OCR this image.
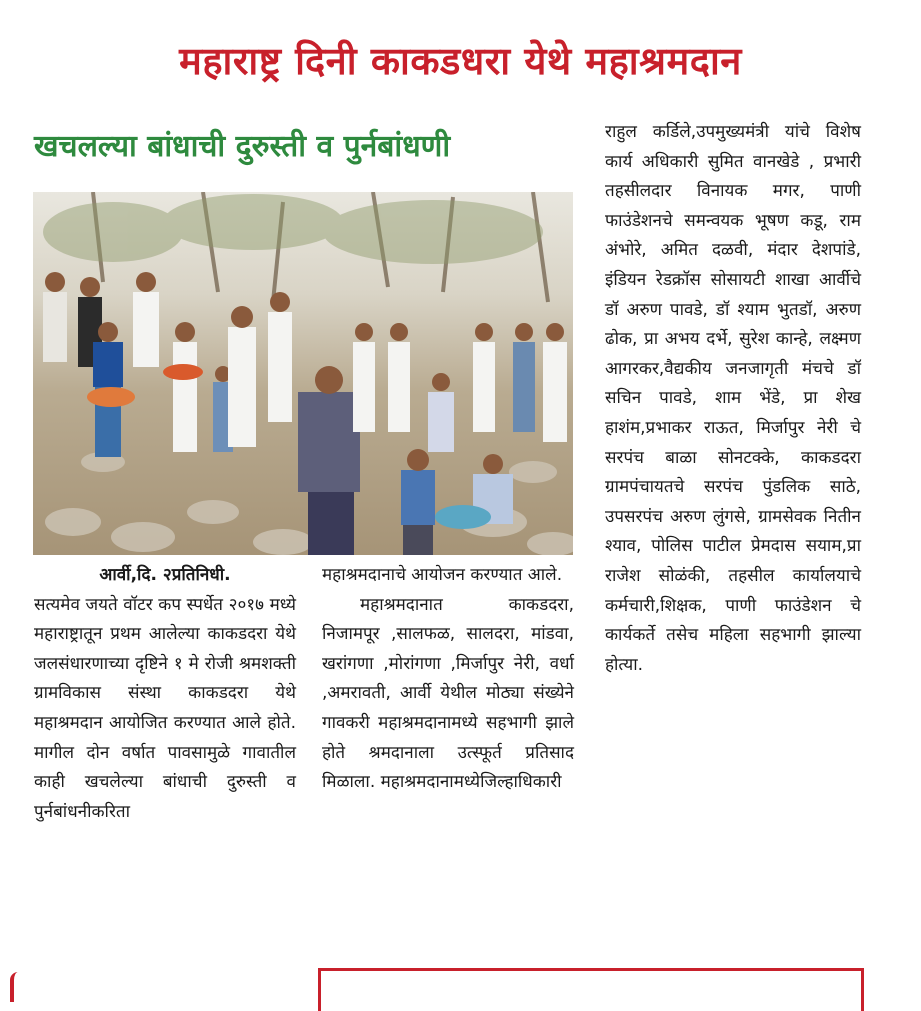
महाराष्ट्र दिनी काकडधरा येथे महाश्रमदान
खचलल्या बांधाची दुरुस्ती व पुर्नबांधणी
आर्वी,दि. २प्रतिनिधी.
सत्यमेव जयते वॉटर कप स्पर्धेत २०१७ मध्ये महाराष्ट्रातून प्रथम आलेल्या काकडदरा येथे जलसंधारणाच्या दृष्टिने १ मे रोजी श्रमशक्ती ग्रामविकास संस्था काकडदरा येथे महाश्रमदान आयोजित करण्यात आले होते. मागील दोन वर्षात पावसामुळे गावातील काही खचलेल्या बांधाची दुरुस्ती व पुर्नबांधनीकरिता
महाश्रमदानाचे आयोजन करण्यात आले.
महाश्रमदानात काकडदरा, निजामपूर ,सालफळ, सालदरा, मांडवा, खरांगणा ,मोरांगणा ,मिर्जापुर नेरी, वर्धा ,अमरावती, आर्वी येथील मोठ्या संख्येने गावकरी महाश्रमदानामध्ये सहभागी झाले होते श्रमदानाला उत्स्फूर्त प्रतिसाद मिळाला. महाश्रमदानामध्येजिल्हाधिकारी
राहुल कर्डिले,उपमुख्यमंत्री यांचे विशेष कार्य अधिकारी सुमित वानखेडे , प्रभारी तहसीलदार विनायक मगर, पाणी फाउंडेशनचे समन्वयक भूषण कडू, राम अंभोरे, अमित दळवी, मंदार देशपांडे, इंडियन रेडक्रॉस सोसायटी शाखा आर्वीचे डॉ अरुण पावडे, डॉ श्याम भुतडॉ, अरुण ढोक, प्रा अभय दर्भे, सुरेश कान्हे, लक्ष्मण आगरकर,वैद्यकीय जनजागृती मंचचे डॉ सचिन पावडे, शाम भेंडे, प्रा शेख हाशंम,प्रभाकर राऊत, मिर्जापुर नेरी चे सरपंच बाळा सोनटक्के, काकडदरा ग्रामपंचायतचे सरपंच पुंडलिक साठे, उपसरपंच अरुण लुंगसे, ग्रामसेवक नितीन श्याव, पोलिस पाटील प्रेमदास सयाम,प्रा राजेश सोळंकी, तहसील कार्यालयाचे कर्मचारी,शिक्षक, पाणी फाउंडेशन चे कार्यकर्ते तसेच महिला सहभागी झाल्या होत्या.
